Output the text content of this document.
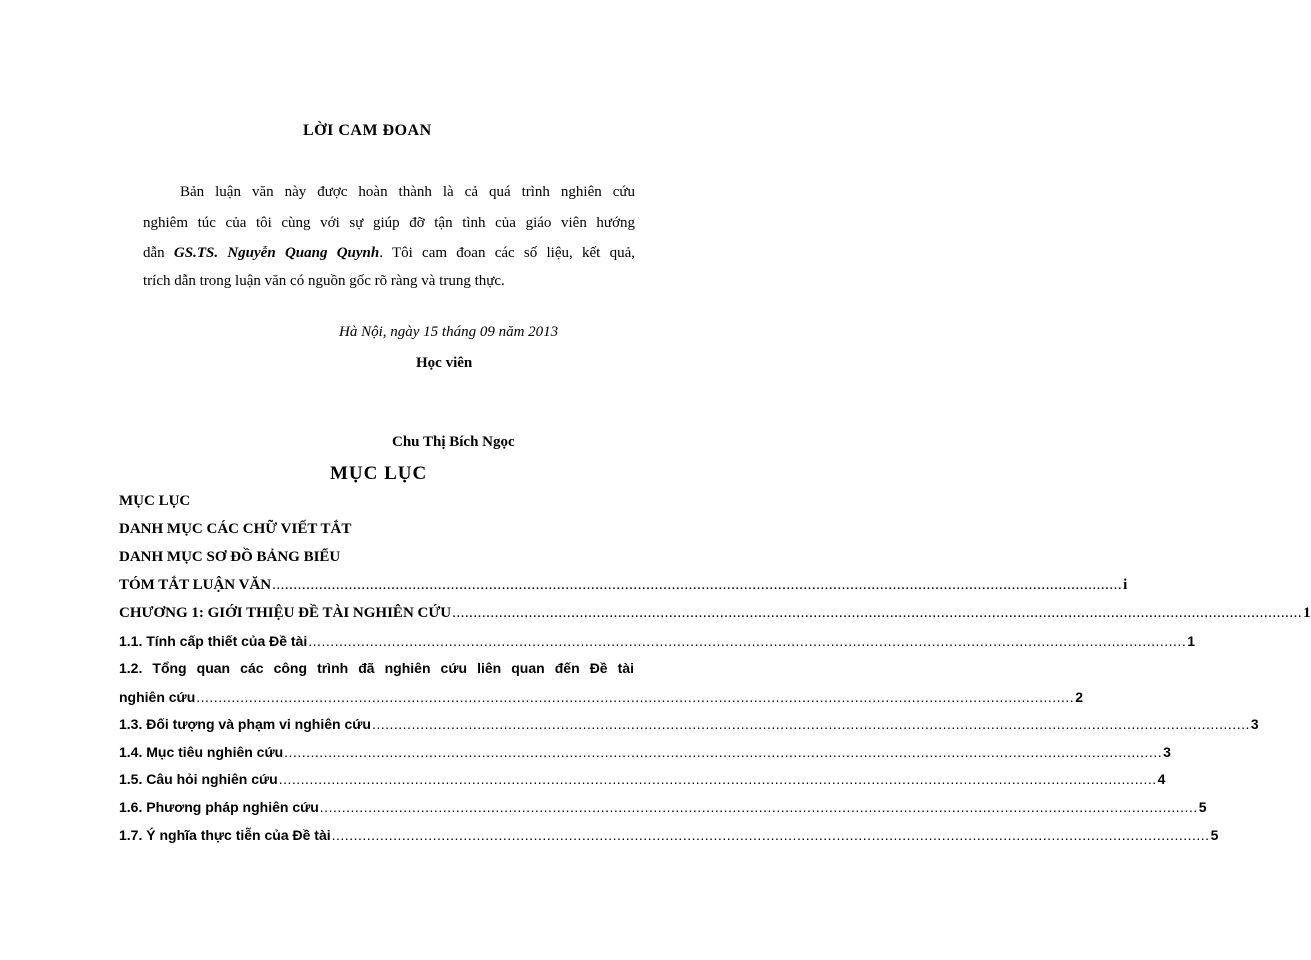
LỜI CAM ĐOAN
Bản luận văn này được hoàn thành là cả quá trình nghiên cứu
nghiêm túc của tôi cùng với sự giúp đỡ tận tình của giáo viên hướng
dẫn GS.TS. Nguyễn Quang Quynh. Tôi cam đoan các số liệu, kết quả,
trích dẫn trong luận văn có nguồn gốc rõ ràng và trung thực.
Hà Nội, ngày 15 tháng 09 năm 2013
Học viên
Chu Thị Bích Ngọc
MỤC LỤC
MỤC LỤC
DANH MỤC CÁC CHỮ VIẾT TẮT
DANH MỤC SƠ ĐỒ BẢNG BIỂU
TÓM TẮT LUẬN VĂN ........................................................................................................................................................................................................ i
CHƯƠNG 1: GIỚI THIỆU ĐỀ TÀI NGHIÊN CỨU ........................................................................................................................................................................................................ 1
1.1. Tính cấp thiết của Đề tài ........................................................................................................................................................................................................ 1
1.2. Tổng quan các công trình đã nghiên cứu liên quan đến Đề tài
nghiên cứu ........................................................................................................................................................................................................ 2
1.3. Đối tượng và phạm vi nghiên cứu ........................................................................................................................................................................................................ 3
1.4. Mục tiêu nghiên cứu ........................................................................................................................................................................................................ 3
1.5. Câu hỏi nghiên cứu ........................................................................................................................................................................................................ 4
1.6. Phương pháp nghiên cứu ........................................................................................................................................................................................................ 5
1.7. Ý nghĩa thực tiễn của Đề tài ........................................................................................................................................................................................................ 5
